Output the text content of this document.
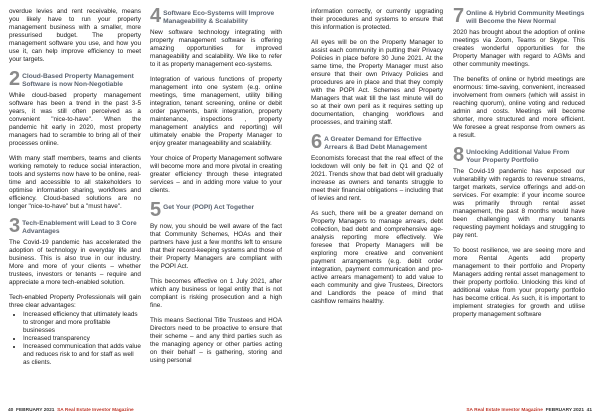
overdue levies and rent receivable, means you likely have to run your property management business with a smaller, more pressurised budget. The property management software you use, and how you use it, can help improve efficiency to meet your targets.

2 Cloud-Based Property Management Software is now Non-Negotiable

While cloud-based property management software has been a trend in the past 3-5 years, it was still often perceived as a convenient "nice-to-have". When the pandemic hit early in 2020, most property managers had to scramble to bring all of their processes online.

With many staff members, teams and clients working remotely to reduce social interaction, tools and systems now have to be online, real-time and accessible to all stakeholders to optimise information sharing, workflows and efficiency. Cloud-based solutions are no longer "nice-to-have" but a "must have".

3 Tech-Enablement will Lead to 3 Core Advantages

The Covid-19 pandemic has accelerated the adoption of technology in everyday life and business. This is also true in our industry. More and more of your clients – whether trustees, investors or tenants – require and appreciate a more tech-enabled solution.

Tech-enabled Property Professionals will gain three clear advantages:

• Increased efficiency that ultimately leads to stronger and more profitable businesses
• Increased transparency
• Increased communication that adds value and reduces risk to and for staff as well as clients.
4 Software Eco-Systems will Improve Manageability & Scalability

New software technology integrating with property management software is offering amazing opportunities for improved manageability and scalability. We like to refer to it as property management eco-systems.

Integration of various functions of property management into one system (e.g. online meetings, time management, utility billing integration, tenant screening, online or debit order payments, bank integration, property maintenance, inspections , property management analytics and reporting) will ultimately enable the Property Manager to enjoy greater manageability and scalability.

Your choice of Property Management software will become more and more pivotal in creating greater efficiency through these integrated services – and in adding more value to your clients.

5 Get Your (POPI) Act Together

By now, you should be well aware of the fact that Community Schemes, HOAs and their partners have just a few months left to ensure that their record-keeping systems and those of their Property Managers are compliant with the POPI Act.

This becomes effective on 1 July 2021, after which any business or legal entity that is not compliant is risking prosecution and a high fine.

This means Sectional Title Trustees and HOA Directors need to be proactive to ensure that their scheme – and any third parties such as the managing agency or other parties acting on their behalf – is gathering, storing and using personal

40 FEBRUARY 2021 SA Real Estate Investor Magazine

information correctly, or currently upgrading their procedures and systems to ensure that this information is protected.

All eyes will be on the Property Manager to assist each community in putting their Privacy Policies in place before 30 June 2021. At the same time, the Property Manager must also ensure that their own Privacy Policies and procedures are in place and that they comply with the POPI Act. Schemes and Property Managers that wait till the last minute will do so at their own peril as it requires setting up documentation, changing workflows and processes, and training staff.

6 A Greater Demand for Effective Arrears & Bad Debt Management

Economists forecast that the real effect of the lockdown will only be felt in Q1 and Q2 of 2021. Trends show that bad debt will gradually increase as owners and tenants struggle to meet their financial obligations – including that of levies and rent.

As such, there will be a greater demand on Property Managers to manage arrears, debt collection, bad debt and comprehensive age-analysis reporting more effectively. We foresee that Property Managers will be exploring more creative and convenient payment arrangements (e.g. debit order integration, payment communication and pro-active arrears management) to add value to each community and give Trustees, Directors and Landlords the peace of mind that cashflow remains healthy.

7 Online & Hybrid Community Meetings will Become the New Normal

2020 has brought about the adoption of online meetings via Zoom, Teams or Skype. This creates wonderful opportunities for the Property Manager with regard to AGMs and other community meetings.

The benefits of online or hybrid meetings are enormous: time-saving, convenient, increased involvement from owners (which will assist in reaching quorum), online voting and reduced admin and costs. Meetings will become shorter, more structured and more efficient. We foresee a great response from owners as a result.

8 Unlocking Additional Value From Your Property Portfolio

The Covid-19 pandemic has exposed our vulnerability with regards to revenue streams, target markets, service offerings and add-on services. For example: if your income source was primarily through rental asset management, the past 8 months would have been challenging with many tenants requesting payment holidays and struggling to pay rent.

To boost resilience, we are seeing more and more Rental Agents add property management to their portfolio and Property Managers adding rental asset management to their property portfolio. Unlocking this kind of additional value from your property portfolio has become critical. As such, it is important to implement strategies for growth and utilise property management software

SA Real Estate Investor Magazine FEBRUARY 2021 41
